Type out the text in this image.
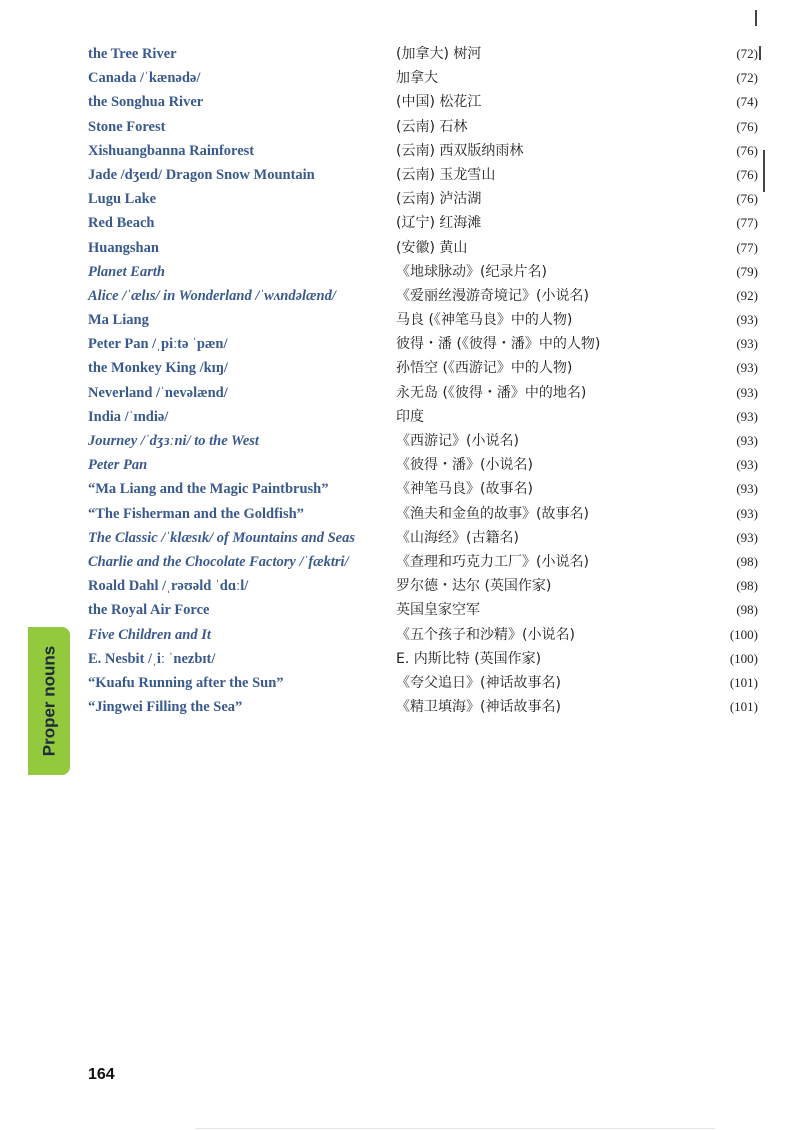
the Tree River	(加拿大) 树河	(72)
Canada /ˈkænədə/	加拿大	(72)
the Songhua River	(中国) 松花江	(74)
Stone Forest	(云南) 石林	(76)
Xishuangbanna Rainforest	(云南) 西双版纳雨林	(76)
Jade /dʒeɪd/ Dragon Snow Mountain	(云南) 玉龙雪山	(76)
Lugu Lake	(云南) 泸沽湖	(76)
Red Beach	(辽宁) 红海滩	(77)
Huangshan	(安徽) 黄山	(77)
Planet Earth	《地球脉动》(纪录片名)	(79)
Alice /ˈælɪs/ in Wonderland /ˈwʌndəlænd/	《爱丽丝漫游奇境记》(小说名)	(92)
Ma Liang	马良 (《神笔马良》中的人物)	(93)
Peter Pan /ˌpiːtə ˈpæn/	彼得・潘 (《彼得・潘》中的人物)	(93)
the Monkey King /kɪŋ/	孙悟空 (《西游记》中的人物)	(93)
Neverland /ˈnevəlænd/	永无岛 (《彼得・潘》中的地名)	(93)
India /ˈɪndiə/	印度	(93)
Journey /ˈdʒɜːni/ to the West	《西游记》(小说名)	(93)
Peter Pan	《彼得・潘》(小说名)	(93)
“Ma Liang and the Magic Paintbrush”	《神笔马良》(故事名)	(93)
“The Fisherman and the Goldfish”	《渔夫和金鱼的故事》(故事名)	(93)
The Classic /ˈklæsɪk/ of Mountains and Seas	《山海经》(古籍名)	(93)
Charlie and the Chocolate Factory /ˈfæktri/	《查理和巧克力工厂》(小说名)	(98)
Roald Dahl /ˌrəʊəld ˈdɑːl/	罗尔德・达尔 (英国作家)	(98)
the Royal Air Force	英国皇家空军	(98)
Five Children and It	《五个孩子和沙精》(小说名)	(100)
E. Nesbit /ˌiː ˈnezbɪt/	E. 内斯比特 (英国作家)	(100)
“Kuafu Running after the Sun”	《夸父追日》(神话故事名)	(101)
“Jingwei Filling the Sea”	《精卫填海》(神话故事名)	(101)
Proper nouns
164
